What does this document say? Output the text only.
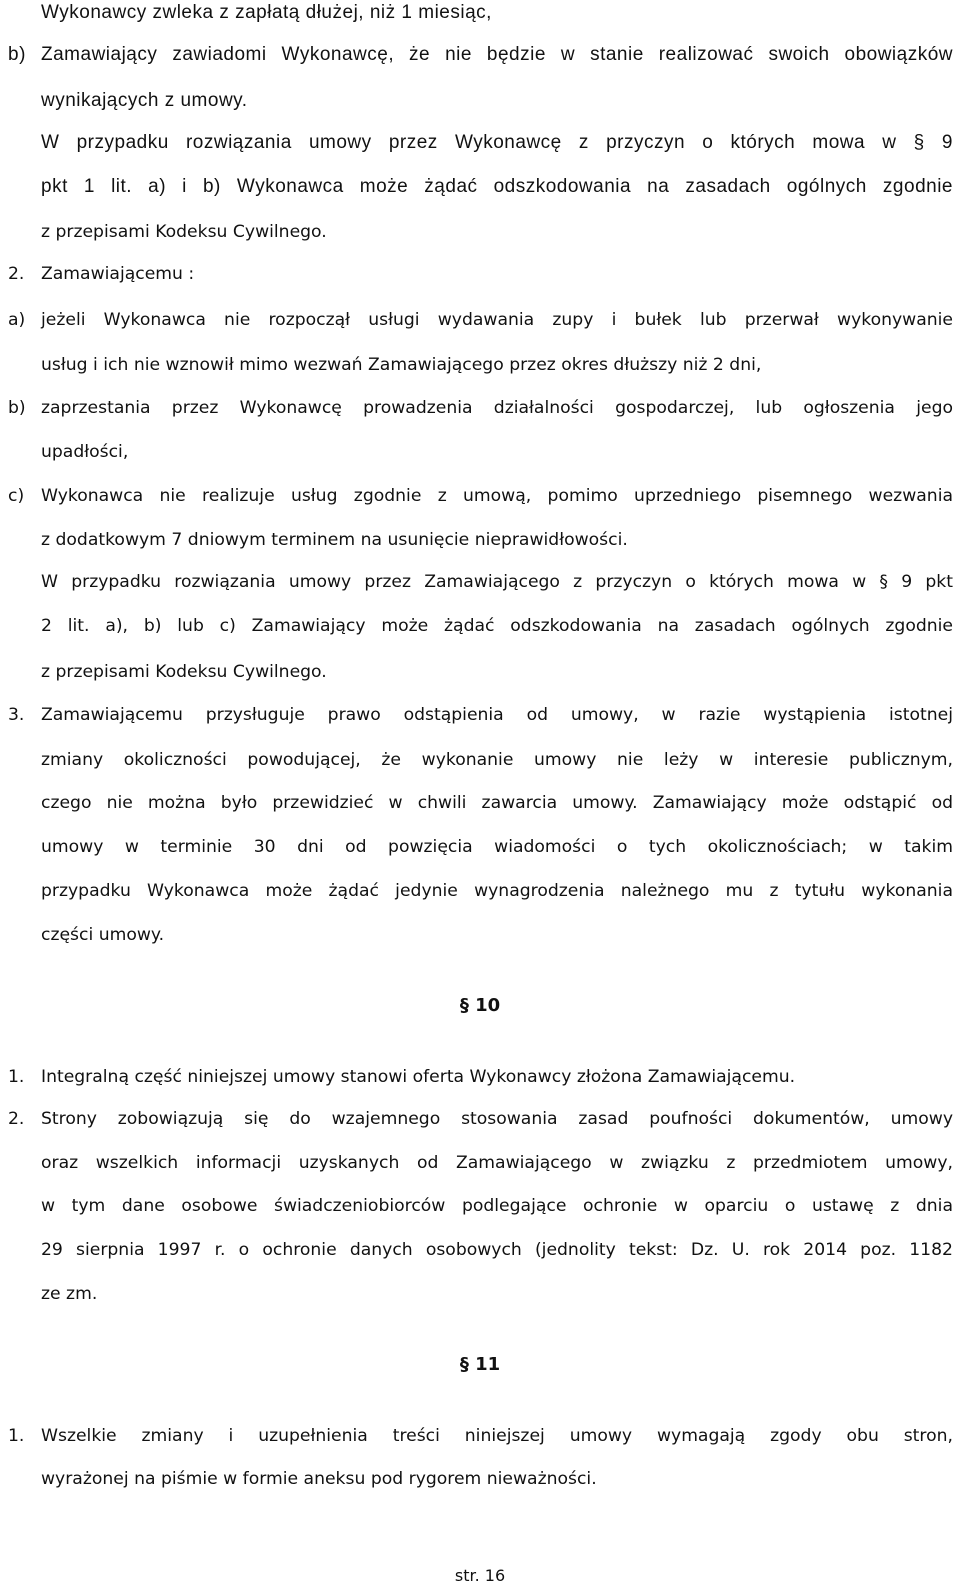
Wykonawcy zwleka z zapłatą dłużej, niż 1 miesiąc,
b) Zamawiający zawiadomi Wykonawcę, że nie będzie w stanie realizować swoich obowiązków
wynikających z umowy.
W przypadku rozwiązania umowy przez Wykonawcę z przyczyn o których mowa w § 9
pkt 1 lit. a) i b) Wykonawca może żądać odszkodowania na zasadach ogólnych zgodnie
z przepisami Kodeksu Cywilnego.
2. Zamawiającemu :
a) jeżeli Wykonawca nie rozpoczął usługi wydawania zupy i bułek lub przerwał wykonywanie
usług i ich nie wznowił mimo wezwań Zamawiającego przez okres dłuższy niż 2 dni,
b) zaprzestania przez Wykonawcę prowadzenia działalności gospodarczej, lub ogłoszenia jego
upadłości,
c) Wykonawca nie realizuje usług zgodnie z umową, pomimo uprzedniego pisemnego wezwania
z dodatkowym 7 dniowym terminem na usunięcie nieprawidłowości.
W przypadku rozwiązania umowy przez Zamawiającego z przyczyn o których mowa w § 9 pkt
2 lit. a), b) lub c) Zamawiający może żądać odszkodowania na zasadach ogólnych zgodnie
z przepisami Kodeksu Cywilnego.
3. Zamawiającemu przysługuje prawo odstąpienia od umowy, w razie wystąpienia istotnej
zmiany okoliczności powodującej, że wykonanie umowy nie leży w interesie publicznym,
czego nie można było przewidzieć w chwili zawarcia umowy. Zamawiający może odstąpić od
umowy w terminie 30 dni od powzięcia wiadomości o tych okolicznościach; w takim
przypadku Wykonawca może żądać jedynie wynagrodzenia należnego mu z tytułu wykonania
części umowy.
§ 10
1. Integralną część niniejszej umowy stanowi oferta Wykonawcy złożona Zamawiającemu.
2. Strony zobowiązują się do wzajemnego stosowania zasad poufności dokumentów, umowy
oraz wszelkich informacji uzyskanych od Zamawiającego w związku z przedmiotem umowy,
w tym dane osobowe świadczeniobiorców podlegające ochronie w oparciu o ustawę z dnia
29 sierpnia 1997 r. o ochronie danych osobowych (jednolity tekst: Dz. U. rok 2014 poz. 1182
ze zm.
§ 11
1. Wszelkie zmiany i uzupełnienia treści niniejszej umowy wymagają zgody obu stron,
wyrażonej na piśmie w formie aneksu pod rygorem nieważności.
str. 16
